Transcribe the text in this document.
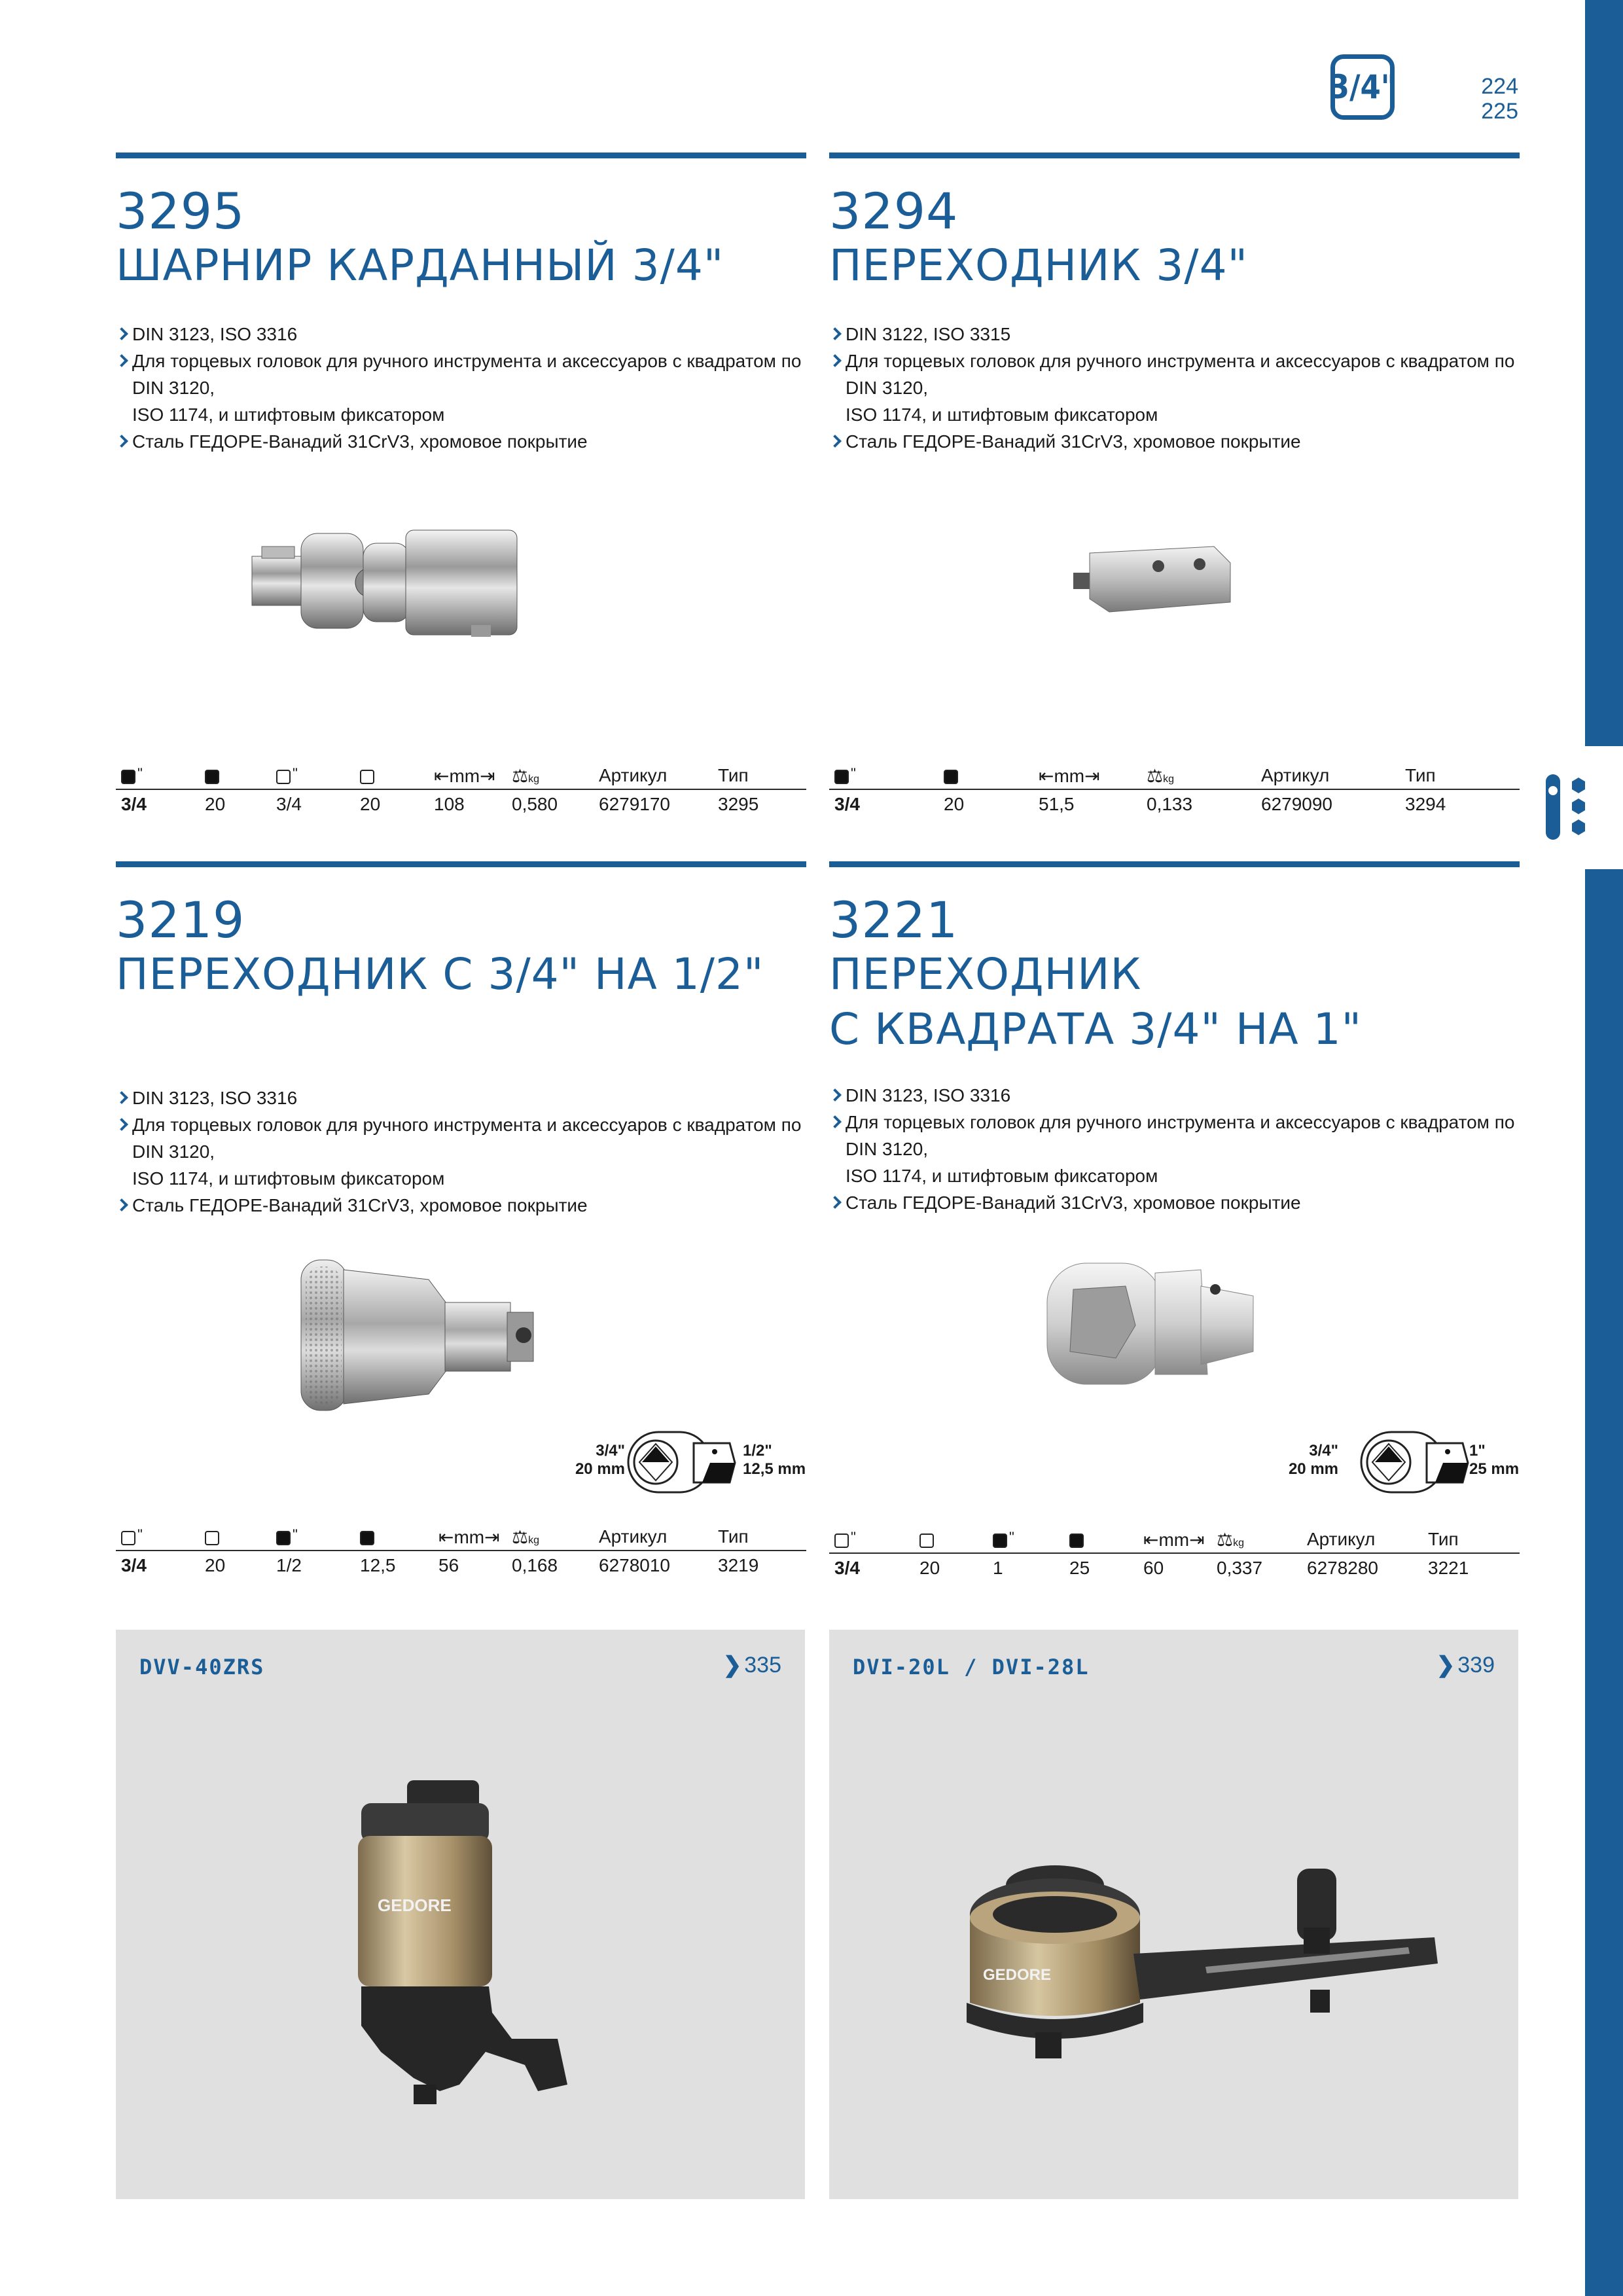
3/4"	224
225
3295
ШАРНИР КАРДАННЫЙ 3/4"
DIN 3123, ISO 3316
Для торцевых головок для ручного инструмента и аксессуаров с квадратом по DIN 3120,
ISO 1174, и штифтовым фиксатором
Сталь ГЕДОРЕ-Ванадий 31CrV3, хромовое покрытие
"	"	⇤mm⇥ ⚖kg	Артикул	Тип
3/4	20	3/4	20	108	0,580 6279170	3295
3294
ПЕРЕХОДНИК 3/4"
DIN 3122, ISO 3315
Для торцевых головок для ручного инструмента и аксессуаров с квадратом по DIN 3120,
ISO 1174, и штифтовым фиксатором
Сталь ГЕДОРЕ-Ванадий 31CrV3, хромовое покрытие
"	⇤mm⇥	⚖kg	Артикул	Тип
3/4	20	51,5	0,133	6279090	3294
3219
ПЕРЕХОДНИК С 3/4" НА 1/2"
DIN 3123, ISO 3316
Для торцевых головок для ручного инструмента и аксессуаров с квадратом по DIN 3120,
ISO 1174, и штифтовым фиксатором
Сталь ГЕДОРЕ-Ванадий 31CrV3, хромовое покрытие
3/4"
20 mm
1/2"
12,5 mm
"	"	⇤mm⇥ ⚖kg	Артикул	Тип
3/4	20	1/2	12,5 56	0,168 6278010	3219
3221
ПЕРЕХОДНИК
С КВАДРАТА 3/4" НА 1"
DIN 3123, ISO 3316
Для торцевых головок для ручного инструмента и аксессуаров с квадратом по DIN 3120,
ISO 1174, и штифтовым фиксатором
Сталь ГЕДОРЕ-Ванадий 31CrV3, хромовое покрытие
3/4"
20 mm
1"
25 mm
"	"	⇤mm⇥ ⚖kg	Артикул	Тип
3/4	20	1	25	60	0,337 6278280	3221
DVV-40ZRS	❯ 335
GEDORE
DVI-20L / DVI-28L	❯ 339
GEDORE
